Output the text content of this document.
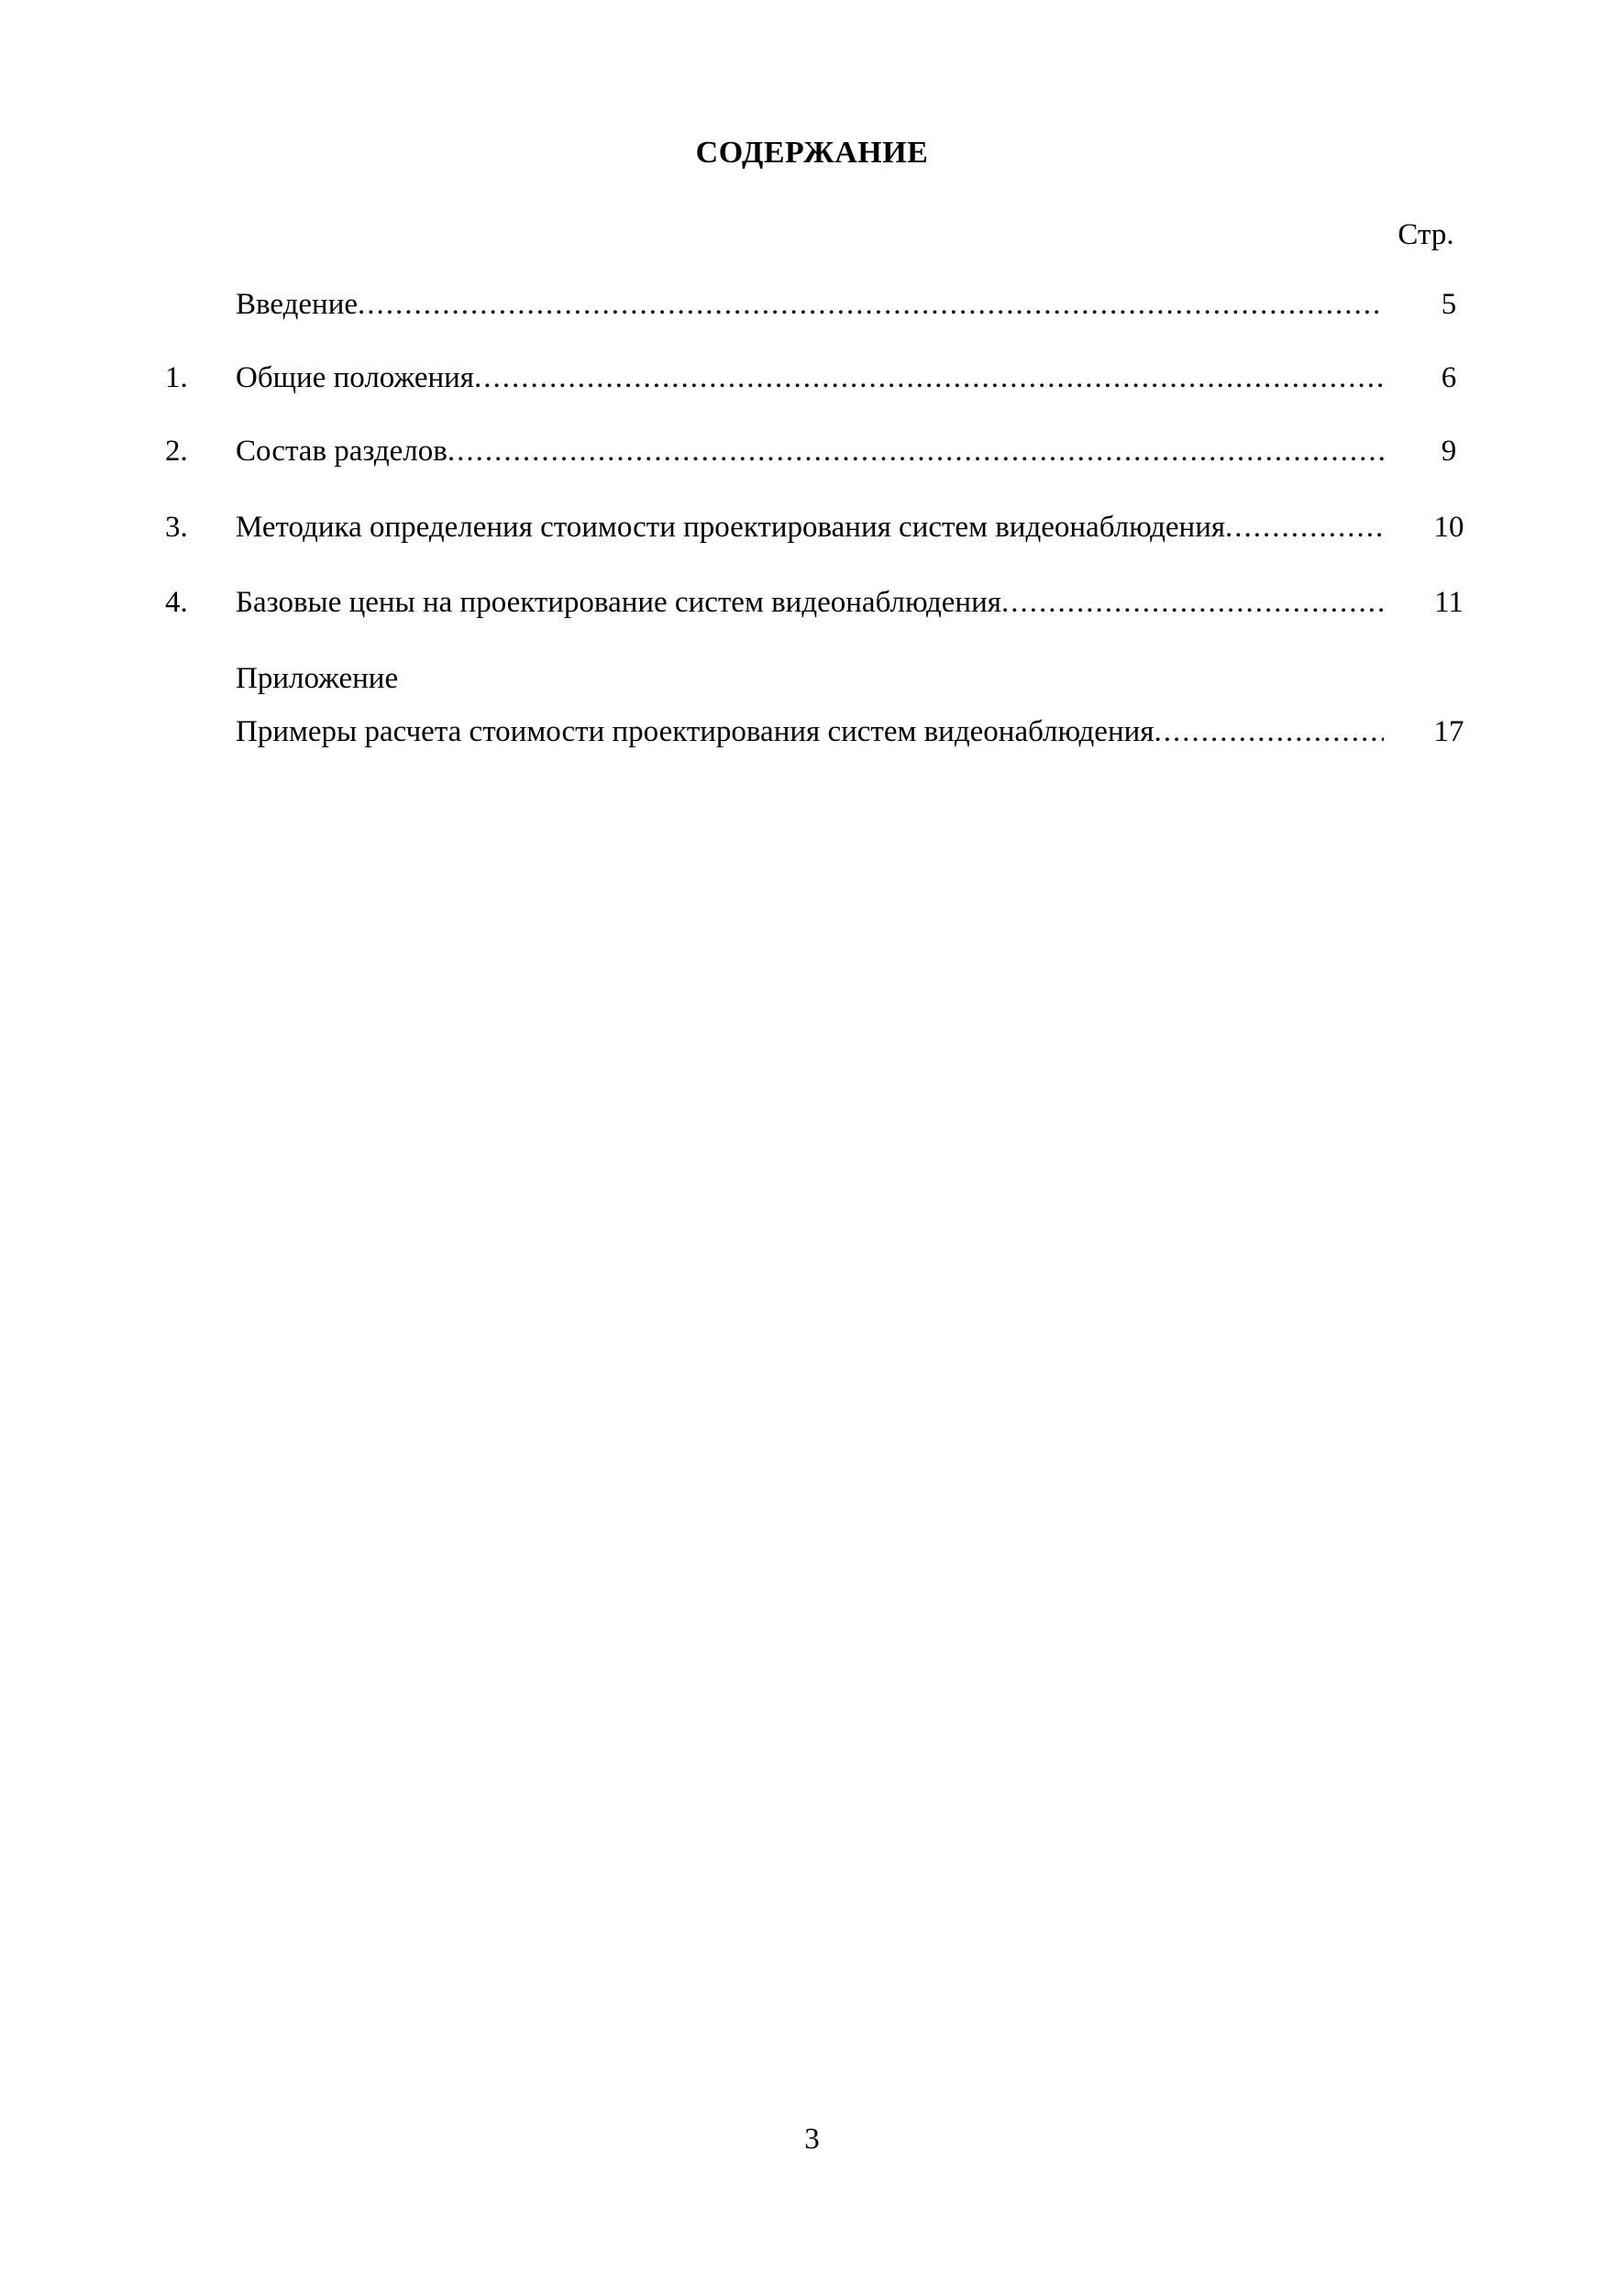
СОДЕРЖАНИЕ
Стр.
Введение .....	5
1. Общие положения .....	6
2. Состав разделов .....	9
3. Методика определения стоимости проектирования систем видеонаблюдения .....	10
4. Базовые цены на проектирование систем видеонаблюдения .....	11
Приложение
Примеры расчета стоимости проектирования систем видеонаблюдения .....	17
3
